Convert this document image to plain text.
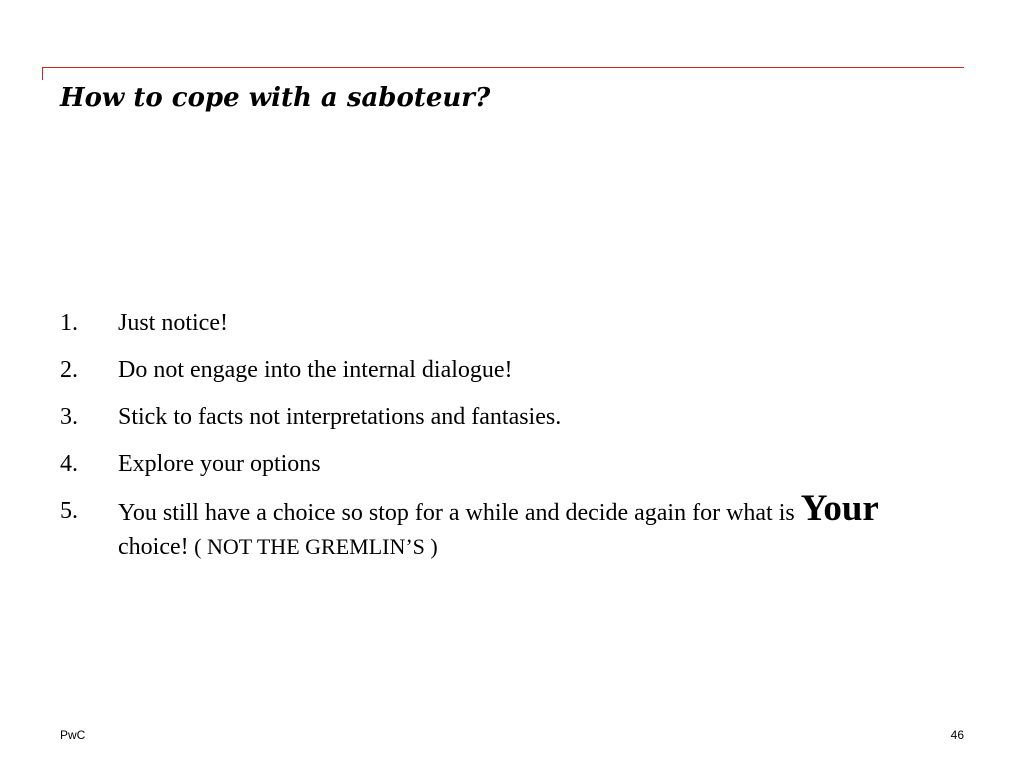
How to cope with a saboteur?
1. Just notice!
2. Do not engage into the internal dialogue!
3. Stick to facts not interpretations and fantasies.
4. Explore your options
5. You still have a choice so stop for a while and decide again for what is Your choice! ( NOT THE GREMLIN’S )
PwC	46
